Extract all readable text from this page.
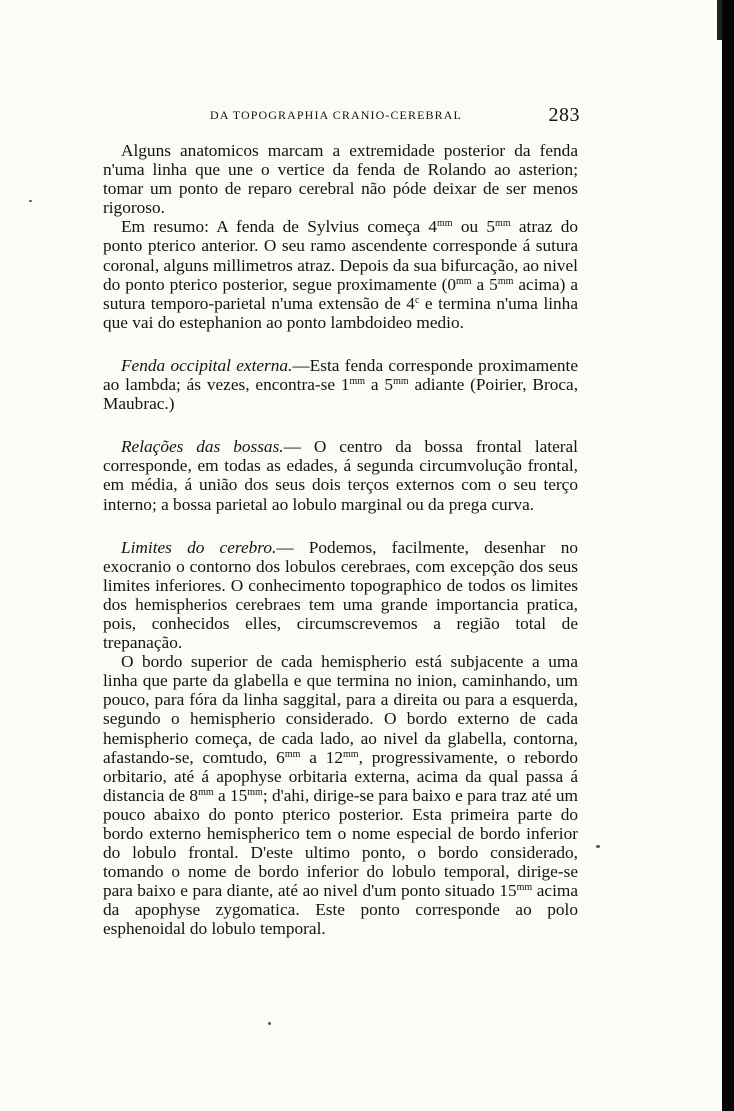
DA TOPOGRAPHIA CRANIO-CEREBRAL	283

Alguns anatomicos marcam a extremidade posterior da fenda n'uma linha que une o vertice da fenda de Rolando ao asterion; tomar um ponto de reparo cerebral não póde deixar de ser menos rigoroso.

Em resumo: A fenda de Sylvius começa $4^{mm}$ ou $5^{mm}$ atraz do ponto pterico anterior. O seu ramo ascendente corresponde á sutura coronal, alguns millimetros atraz. Depois da sua bifurcação, ao nivel do ponto pterico posterior, segue proximamente ($0^{mm}$ a $5^{mm}$ acima) a sutura temporo-parietal n'uma extensão de 4$^c$ e termina n'uma linha que vai do estephanion ao ponto lambdoideo medio.

Fenda occipital externa.—Esta fenda corresponde proximamente ao lambda; ás vezes, encontra-se $1^{mm}$ a $5^{mm}$ adiante (Poirier, Broca, Maubrac.)

Relações das bossas.— O centro da bossa frontal lateral corresponde, em todas as edades, á segunda circumvolução frontal, em média, á união dos seus dois terços externos com o seu terço interno; a bossa parietal ao lobulo marginal ou da prega curva.

Limites do cerebro.— Podemos, facilmente, desenhar no exocranio o contorno dos lobulos cerebraes, com excepção dos seus limites inferiores. O conhecimento topographico de todos os limites dos hemispherios cerebraes tem uma grande importancia pratica, pois, conhecidos elles, circumscrevemos a região total de trepanação.

O bordo superior de cada hemispherio está subjacente a uma linha que parte da glabella e que termina no inion, caminhando, um pouco, para fóra da linha saggital, para a direita ou para a esquerda, segundo o hemispherio considerado. O bordo externo de cada hemispherio começa, de cada lado, ao nivel da glabella, contorna, afastando-se, comtudo, $6^{mm}$ a $12^{mm}$, progressivamente, o rebordo orbitario, até á apophyse orbitaria externa, acima da qual passa á distancia de $8^{mm}$ a $15^{mm}$; d'ahi, dirige-se para baixo e para traz até um pouco abaixo do ponto pterico posterior. Esta primeira parte do bordo externo hemispherico tem o nome especial de bordo inferior do lobulo frontal. D'este ultimo ponto, o bordo considerado, tomando o nome de bordo inferior do lobulo temporal, dirige-se para baixo e para diante, até ao nivel d'um ponto situado $15^{mm}$ acima da apophyse zygomatica. Este ponto corresponde ao polo esphenoidal do lobulo temporal.
